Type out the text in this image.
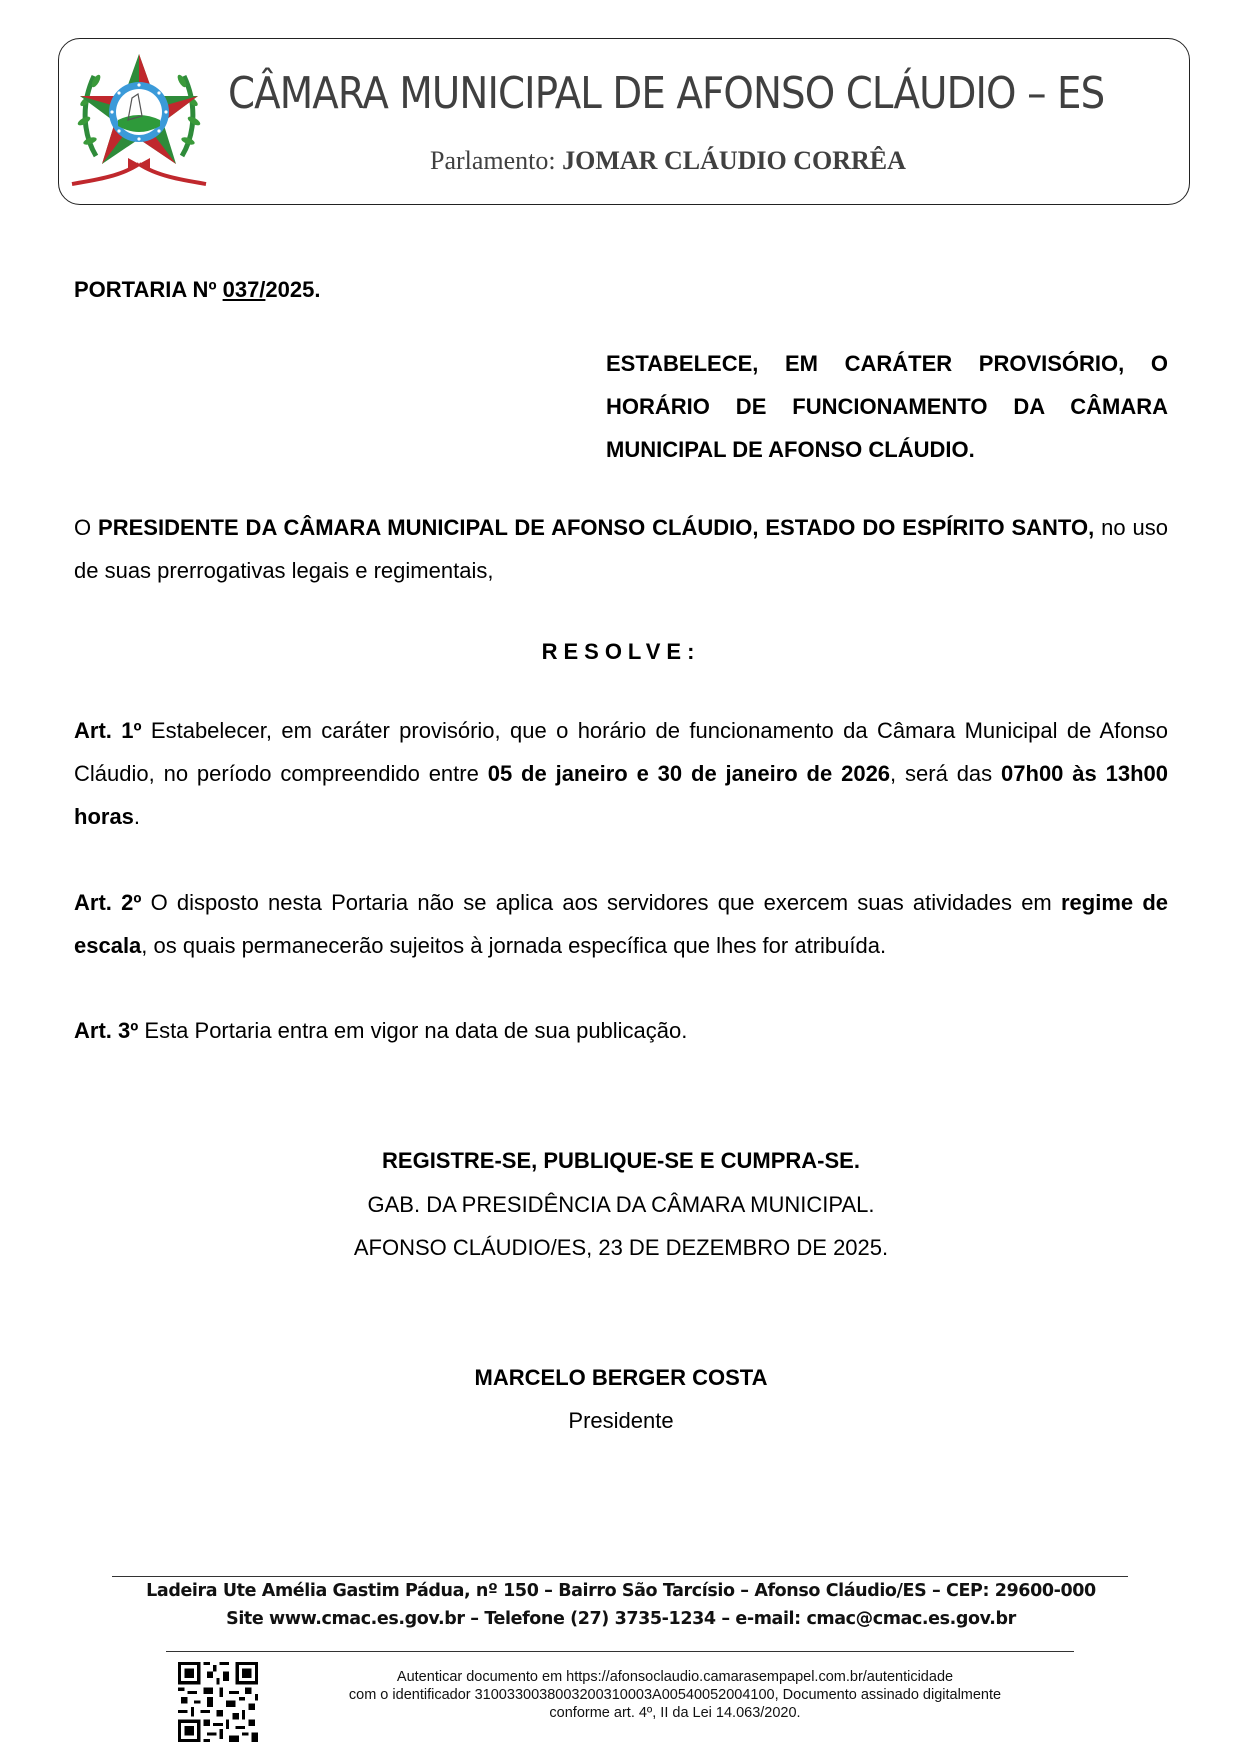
CÂMARA MUNICIPAL DE AFONSO CLÁUDIO – ES
Parlamento: JOMAR CLÁUDIO CORRÊA
PORTARIA Nº 037/2025.
ESTABELECE, EM CARÁTER PROVISÓRIO, O
HORÁRIO DE FUNCIONAMENTO DA CÂMARA
MUNICIPAL DE AFONSO CLÁUDIO.
O PRESIDENTE DA CÂMARA MUNICIPAL DE AFONSO CLÁUDIO, ESTADO DO ESPÍRITO SANTO, no uso de suas prerrogativas legais e regimentais,
RESOLVE:
Art. 1º Estabelecer, em caráter provisório, que o horário de funcionamento da Câmara Municipal de Afonso Cláudio, no período compreendido entre 05 de janeiro e 30 de janeiro de 2026, será das 07h00 às 13h00 horas.
Art. 2º O disposto nesta Portaria não se aplica aos servidores que exercem suas atividades em regime de escala, os quais permanecerão sujeitos à jornada específica que lhes for atribuída.
Art. 3º Esta Portaria entra em vigor na data de sua publicação.
REGISTRE-SE, PUBLIQUE-SE E CUMPRA-SE.
GAB. DA PRESIDÊNCIA DA CÂMARA MUNICIPAL.
AFONSO CLÁUDIO/ES, 23 DE DEZEMBRO DE 2025.
MARCELO BERGER COSTA
Presidente
Ladeira Ute Amélia Gastim Pádua, nº 150 – Bairro São Tarcísio – Afonso Cláudio/ES – CEP: 29600-000
Site www.cmac.es.gov.br – Telefone (27) 3735-1234 – e-mail: cmac@cmac.es.gov.br
Autenticar documento em https://afonsoclaudio.camarasempapel.com.br/autenticidade
com o identificador 3100330038003200310003A00540052004100, Documento assinado digitalmente
conforme art. 4º, II da Lei 14.063/2020.
